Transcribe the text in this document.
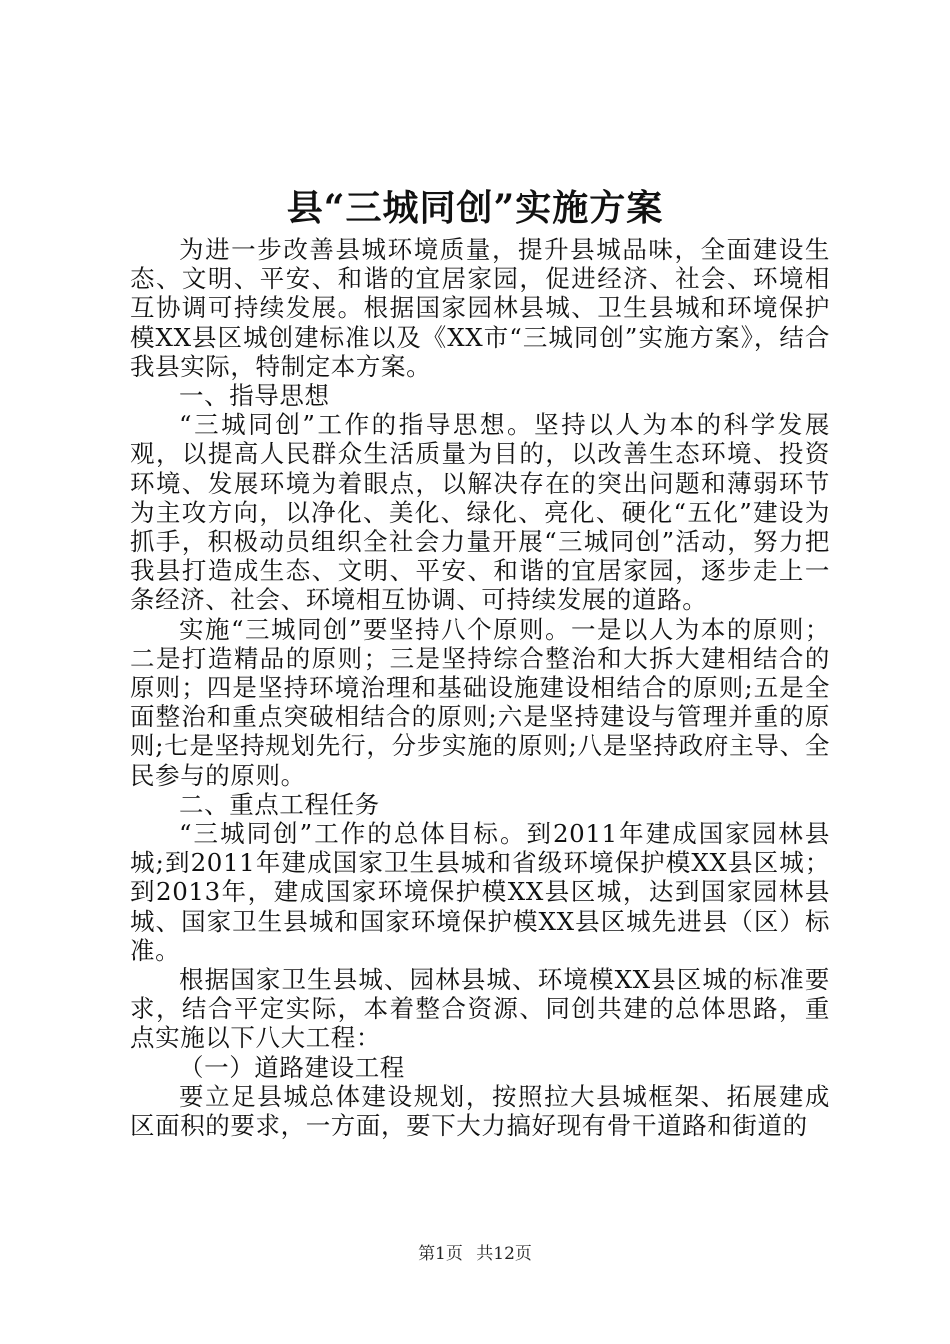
县“三城同创”实施方案

为进一步改善县城环境质量，提升县城品味，全面建设生态、文明、平安、和谐的宜居家园，促进经济、社会、环境相互协调可持续发展。根据国家园林县城、卫生县城和环境保护模XX县区城创建标准以及《XX市“三城同创”实施方案》，结合我县实际，特制定本方案。

一、指导思想

“三城同创”工作的指导思想。坚持以人为本的科学发展观，以提高人民群众生活质量为目的，以改善生态环境、投资环境、发展环境为着眼点，以解决存在的突出问题和薄弱环节为主攻方向，以净化、美化、绿化、亮化、硬化“五化”建设为抓手，积极动员组织全社会力量开展“三城同创”活动，努力把我县打造成生态、文明、平安、和谐的宜居家园，逐步走上一条经济、社会、环境相互协调、可持续发展的道路。

实施“三城同创”要坚持八个原则。一是以人为本的原则；二是打造精品的原则；三是坚持综合整治和大拆大建相结合的原则；四是坚持环境治理和基础设施建设相结合的原则;五是全面整治和重点突破相结合的原则;六是坚持建设与管理并重的原则;七是坚持规划先行，分步实施的原则;八是坚持政府主导、全民参与的原则。

二、重点工程任务

“三城同创”工作的总体目标。到2011年建成国家园林县城;到2011年建成国家卫生县城和省级环境保护模XX县区城；到2013年，建成国家环境保护模XX县区城，达到国家园林县城、国家卫生县城和国家环境保护模XX县区城先进县（区）标准。

根据国家卫生县城、园林县城、环境模XX县区城的标准要求，结合平定实际，本着整合资源、同创共建的总体思路，重点实施以下八大工程：

（一）道路建设工程

要立足县城总体建设规划，按照拉大县城框架、拓展建成区面积的要求，一方面，要下大力搞好现有骨干道路和街道的

第1页 共12页
